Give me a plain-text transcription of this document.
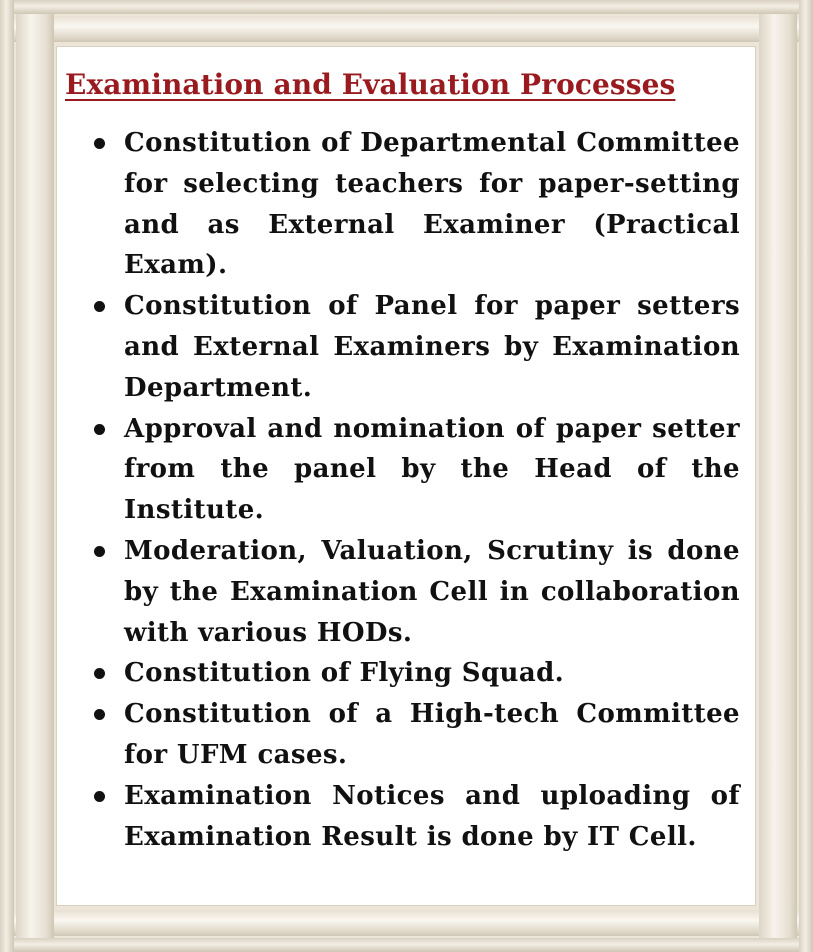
Examination and Evaluation Processes
Constitution of Departmental Committee for selecting teachers for paper-setting and as External Examiner (Practical Exam).
Constitution of Panel for paper setters and External Examiners by Examination Department.
Approval and nomination of paper setter from the panel by the Head of the Institute.
Moderation, Valuation, Scrutiny is done by the Examination Cell in collaboration with various HODs.
Constitution of Flying Squad.
Constitution of a High-tech Committee for UFM cases.
Examination Notices and uploading of Examination Result is done by IT Cell.
